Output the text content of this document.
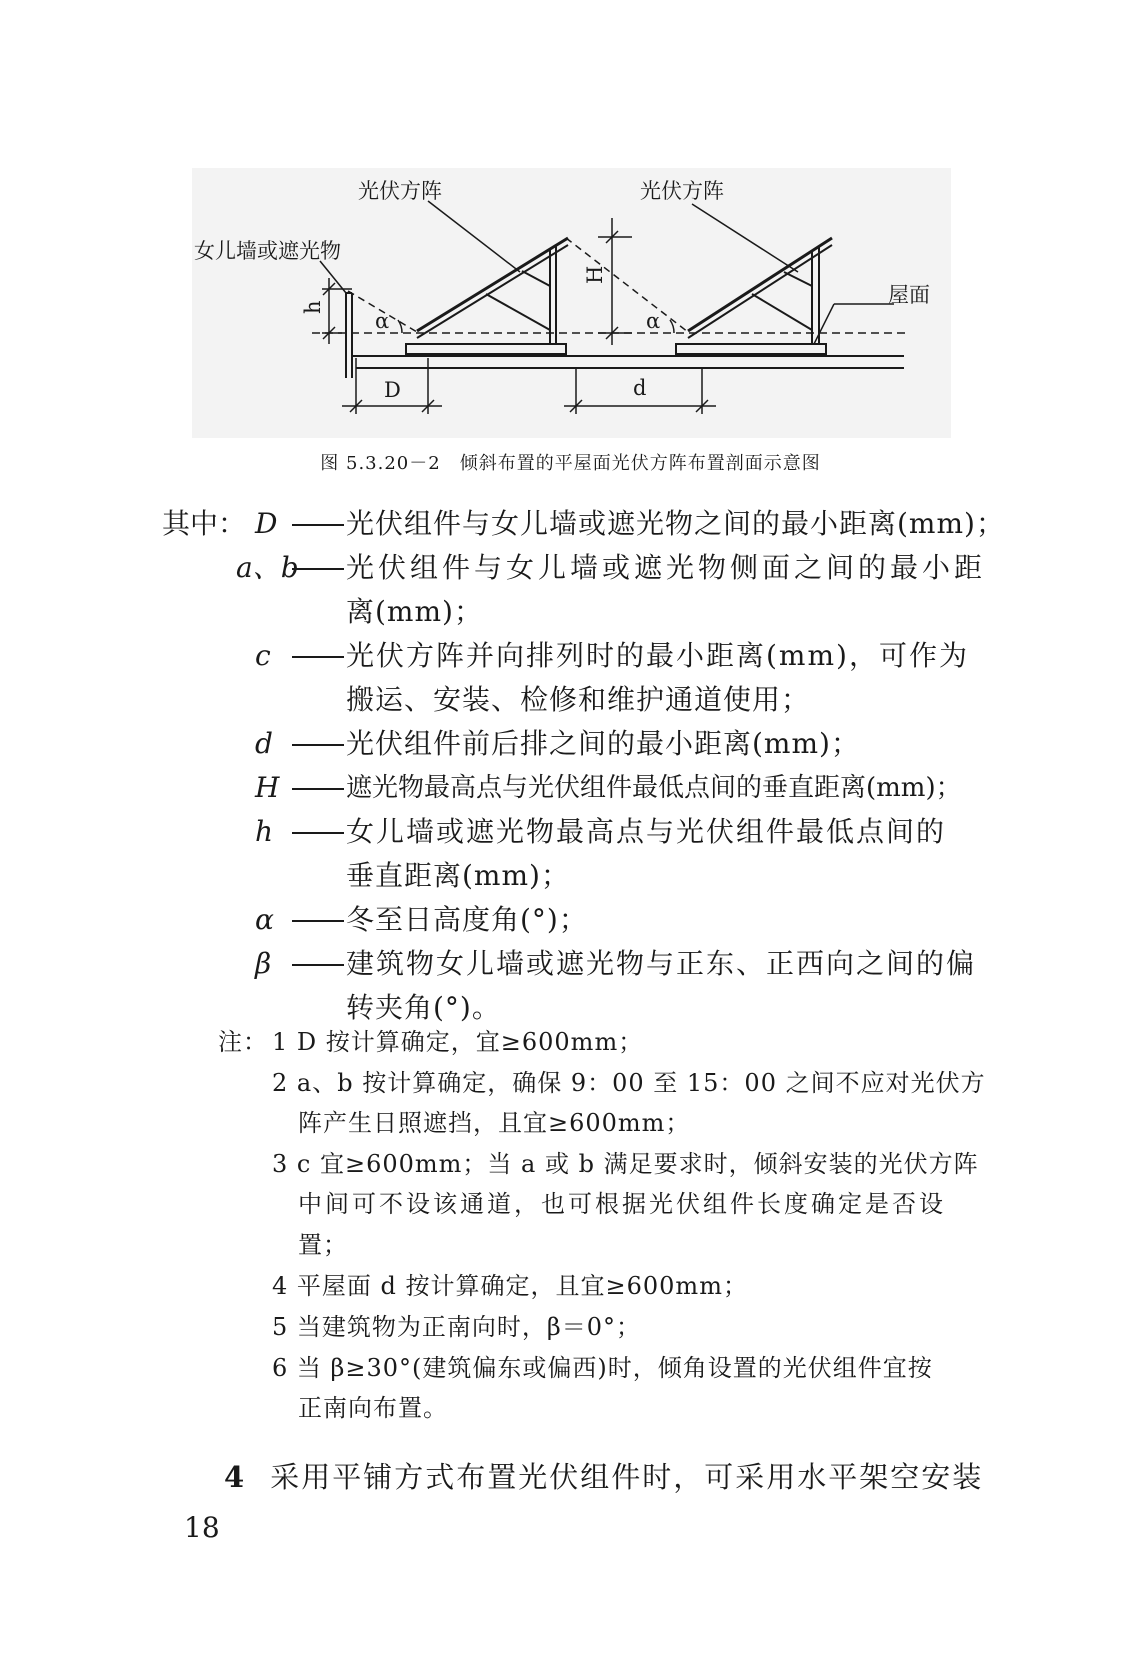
光伏方阵	光伏方阵
女儿墙或遮光物
屋面
h
H
D	d
α	α
图 5.3.20－2　倾斜布置的平屋面光伏方阵布置剖面示意图
其中： D 光伏组件与女儿墙或遮光物之间的最小距离(mm)；
a、b 光伏组件与女儿墙或遮光物侧面之间的最小距
离(mm)；
c	光伏方阵并向排列时的最小距离(mm)，可作为
搬运、安装、检修和维护通道使用；
d	光伏组件前后排之间的最小距离(mm)；
H	遮光物最高点与光伏组件最低点间的垂直距离(mm)；
h	女儿墙或遮光物最高点与光伏组件最低点间的
垂直距离(mm)；
α	冬至日高度角(°)；
β	建筑物女儿墙或遮光物与正东、正西向之间的偏
转夹角(°)。
注： 1 D 按计算确定，宜≥600mm；
2 a、b 按计算确定，确保 9：00 至 15：00 之间不应对光伏方
阵产生日照遮挡，且宜≥600mm；
3 c 宜≥600mm；当 a 或 b 满足要求时，倾斜安装的光伏方阵
中间可不设该通道，也可根据光伏组件长度确定是否设
置；
4 平屋面 d 按计算确定，且宜≥600mm；
5 当建筑物为正南向时，β＝0°；
6 当 β≥30°(建筑偏东或偏西)时，倾角设置的光伏组件宜按
正南向布置。
4 采用平铺方式布置光伏组件时，可采用水平架空安装
18
